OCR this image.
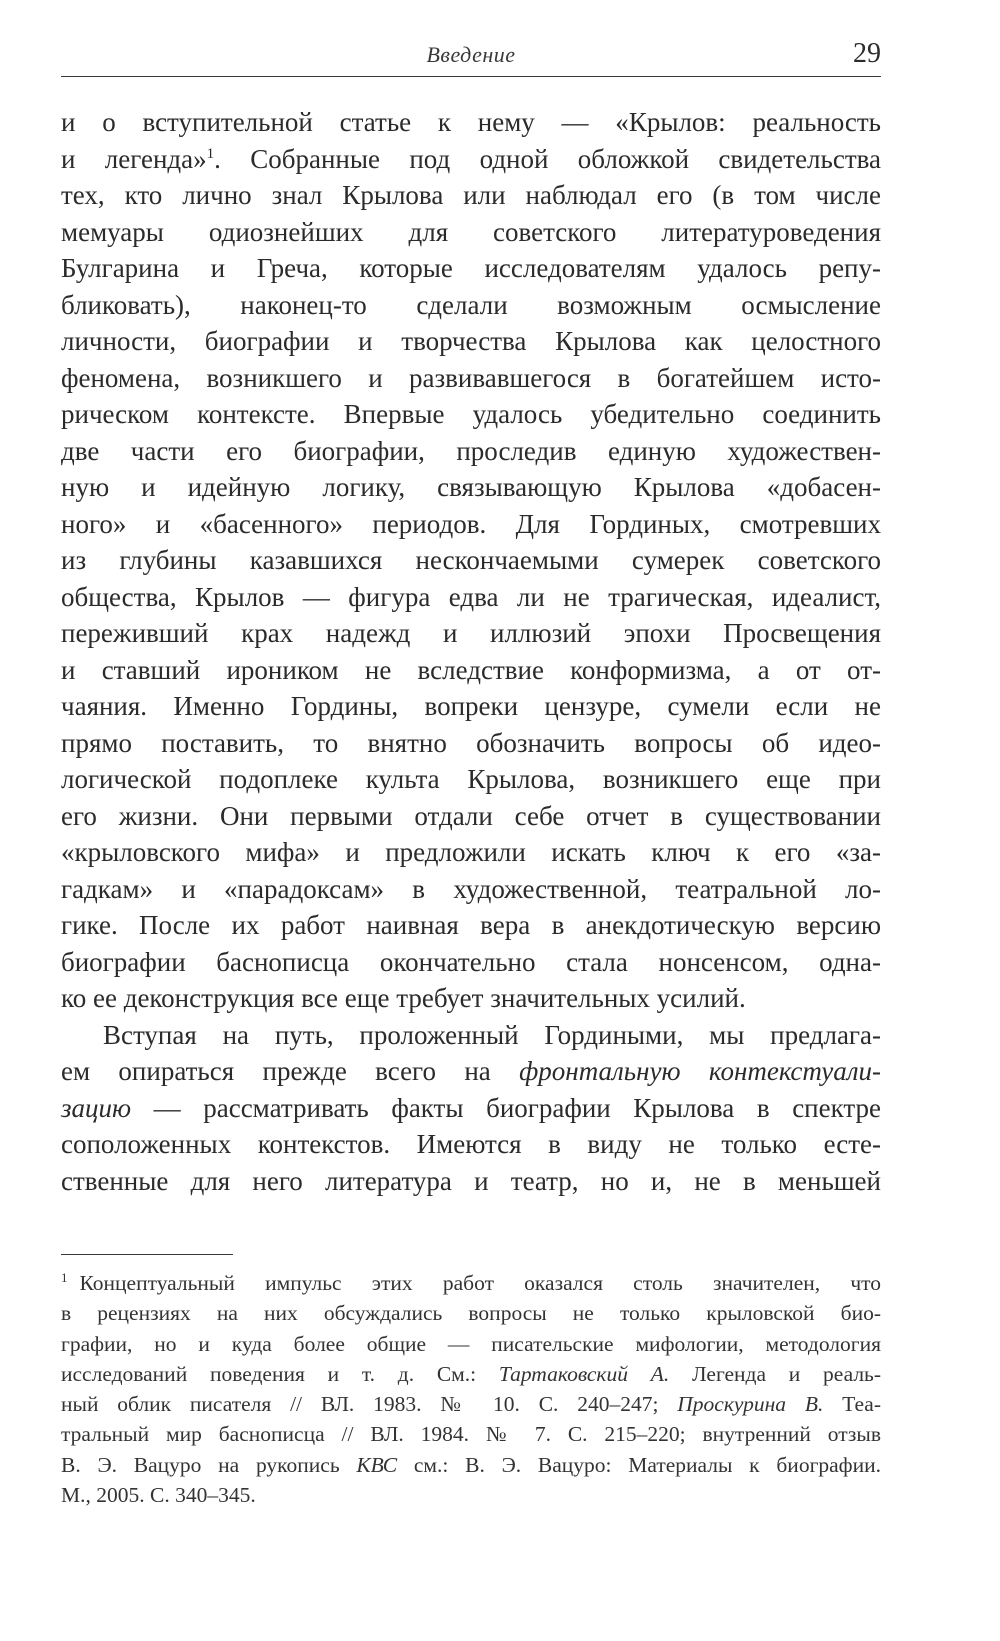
Введение	29
и о вступительной статье к нему — «Крылов: реальность
и легенда»$^1$. Собранные под одной обложкой свидетельства
тех, кто лично знал Крылова или наблюдал его (в том числе
мемуары одиознейших для советского литературоведения
Булгарина и Греча, которые исследователям удалось репу-
бликовать), наконец-то сделали возможным осмысление
личности, биографии и творчества Крылова как целостного
феномена, возникшего и развивавшегося в богатейшем исто-
рическом контексте. Впервые удалось убедительно соединить
две части его биографии, проследив единую художествен-
ную и идейную логику, связывающую Крылова «добасен-
ного» и «басенного» периодов. Для Гординых, смотревших
из глубины казавшихся нескончаемыми сумерек советского
общества, Крылов — фигура едва ли не трагическая, идеалист,
переживший крах надежд и иллюзий эпохи Просвещения
и ставший ироником не вследствие конформизма, а от от-
чаяния. Именно Гордины, вопреки цензуре, сумели если не
прямо поставить, то внятно обозначить вопросы об идео-
логической подоплеке культа Крылова, возникшего еще при
его жизни. Они первыми отдали себе отчет в существовании
«крыловского мифа» и предложили искать ключ к его «за-
гадкам» и «парадоксам» в художественной, театральной ло-
гике. После их работ наивная вера в анекдотическую версию
биографии баснописца окончательно стала нонсенсом, одна-
ко ее деконструкция все еще требует значительных усилий.
Вступая на путь, проложенный Гордиными, мы предлага-
ем опираться прежде всего на фронтальную контекстуали-
зацию — рассматривать факты биографии Крылова в спектре
соположенных контекстов. Имеются в виду не только есте-
ственные для него литература и театр, но и, не в меньшей
$^1$ Концептуальный импульс этих работ оказался столь значителен, что
в рецензиях на них обсуждались вопросы не только крыловской био-
графии, но и куда более общие — писательские мифологии, методология
исследований поведения и т. д. См.: Тартаковский А. Легенда и реаль-
ный облик писателя // ВЛ. 1983. № 10. С. 240–247; Проскурина В. Теа-
тральный мир баснописца // ВЛ. 1984. № 7. С. 215–220; внутренний отзыв
В. Э. Вацуро на рукопись КВС см.: В. Э. Вацуро: Материалы к биографии.
М., 2005. С. 340–345.
